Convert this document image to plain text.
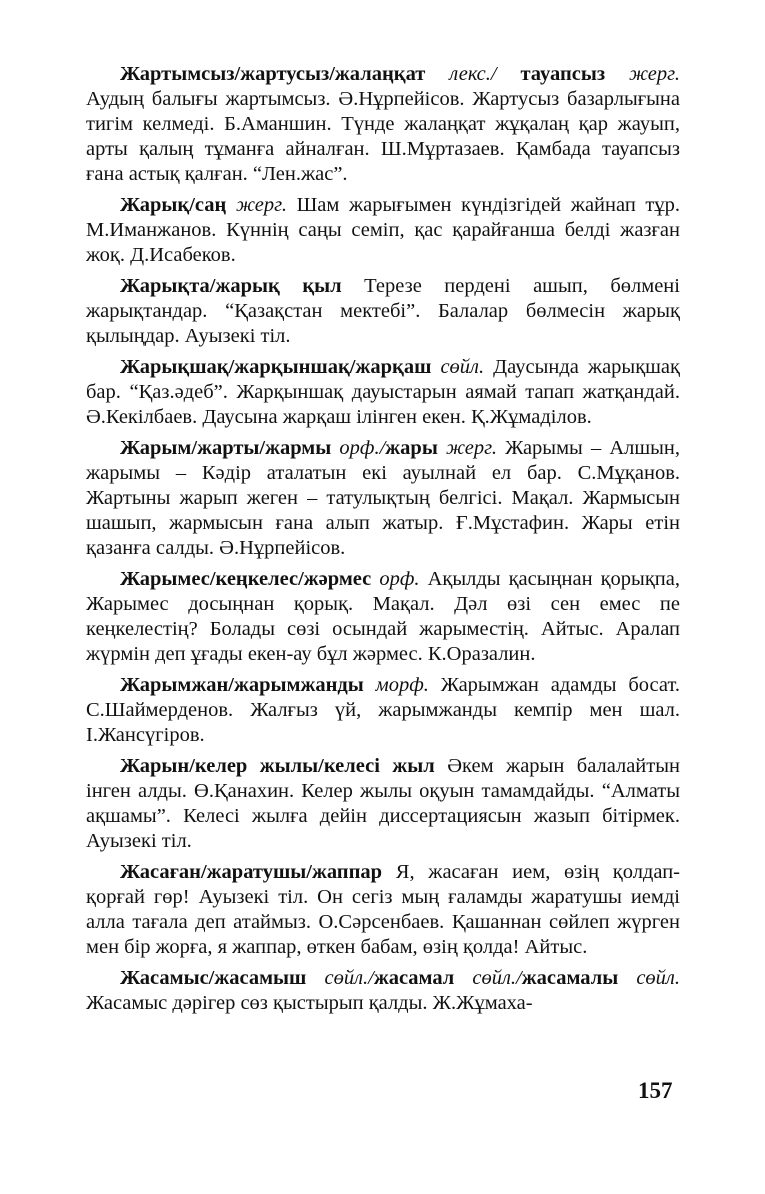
Жартымсыз/жартусыз/жалаңқат лекс./ тауапсыз жерг. Аудың балығы жартымсыз. Ә.Нұрпейісов. Жартусыз базарлығына тигім келмеді. Б.Аманшин. Түнде жалаңқат жұқалаң қар жауып, арты қалың тұманға айналған. Ш.Мұртазаев. Қамбада тауапсыз ғана астық қалған. “Лен.жас”.

Жарық/саң жерг. Шам жарығымен күндізгідей жайнап тұр. М.Иманжанов. Күннің саңы семіп, қас қарайғанша белді жазған жоқ. Д.Исабеков.

Жарықта/жарық қыл Терезе пердені ашып, бөлмені жарықтандар. “Қазақстан мектебі”. Балалар бөлмесін жарық қылыңдар. Ауызекі тіл.

Жарықшақ/жарқыншақ/жарқаш сөйл. Даусында жарықшақ бар. “Қаз.әдеб”. Жарқыншақ дауыстарын аямай тапап жатқандай. Ә.Кекілбаев. Даусына жарқаш ілінген екен. Қ.Жұмаділов.

Жарым/жарты/жармы орф./жары жерг. Жарымы – Алшын, жарымы – Кәдір аталатын екі ауылнай ел бар. С.Мұқанов. Жартыны жарып жеген – татулықтың белгісі. Мақал. Жармысын шашып, жармысын ғана алып жатыр. Ғ.Мұстафин. Жары етін қазанға салды. Ә.Нұрпейісов.

Жарымес/кеңкелес/жәрмес орф. Ақылды қасыңнан қорықпа, Жарымес досыңнан қорық. Мақал. Дәл өзі сен емес пе кеңкелестің? Болады сөзі осындай жарыместің. Айтыс. Аралап жүрмін деп ұғады екен-ау бұл жәрмес. К.Оразалин.

Жарымжан/жарымжанды морф. Жарымжан адамды босат. С.Шаймерденов. Жалғыз үй, жарымжанды кемпір мен шал. І.Жансүгіров.

Жарын/келер жылы/келесі жыл Әкем жарын балалайтын інген алды. Ө.Қанахин. Келер жылы оқуын тамамдайды. “Алматы ақшамы”. Келесі жылға дейін диссертациясын жазып бітірмек. Ауызекі тіл.

Жасаған/жаратушы/жаппар Я, жасаған ием, өзің қолдап-қорғай гөр! Ауызекі тіл. Он сегіз мың ғаламды жаратушы иемді алла тағала деп атаймыз. О.Сәрсенбаев. Қашаннан сөйлеп жүрген мен бір жорға, я жаппар, өткен бабам, өзің қолда! Айтыс.

Жасамыс/жасамыш сөйл./жасамал сөйл./жасамалы сөйл. Жасамыс дәрігер сөз қыстырып қалды. Ж.Жұмаха-

157
